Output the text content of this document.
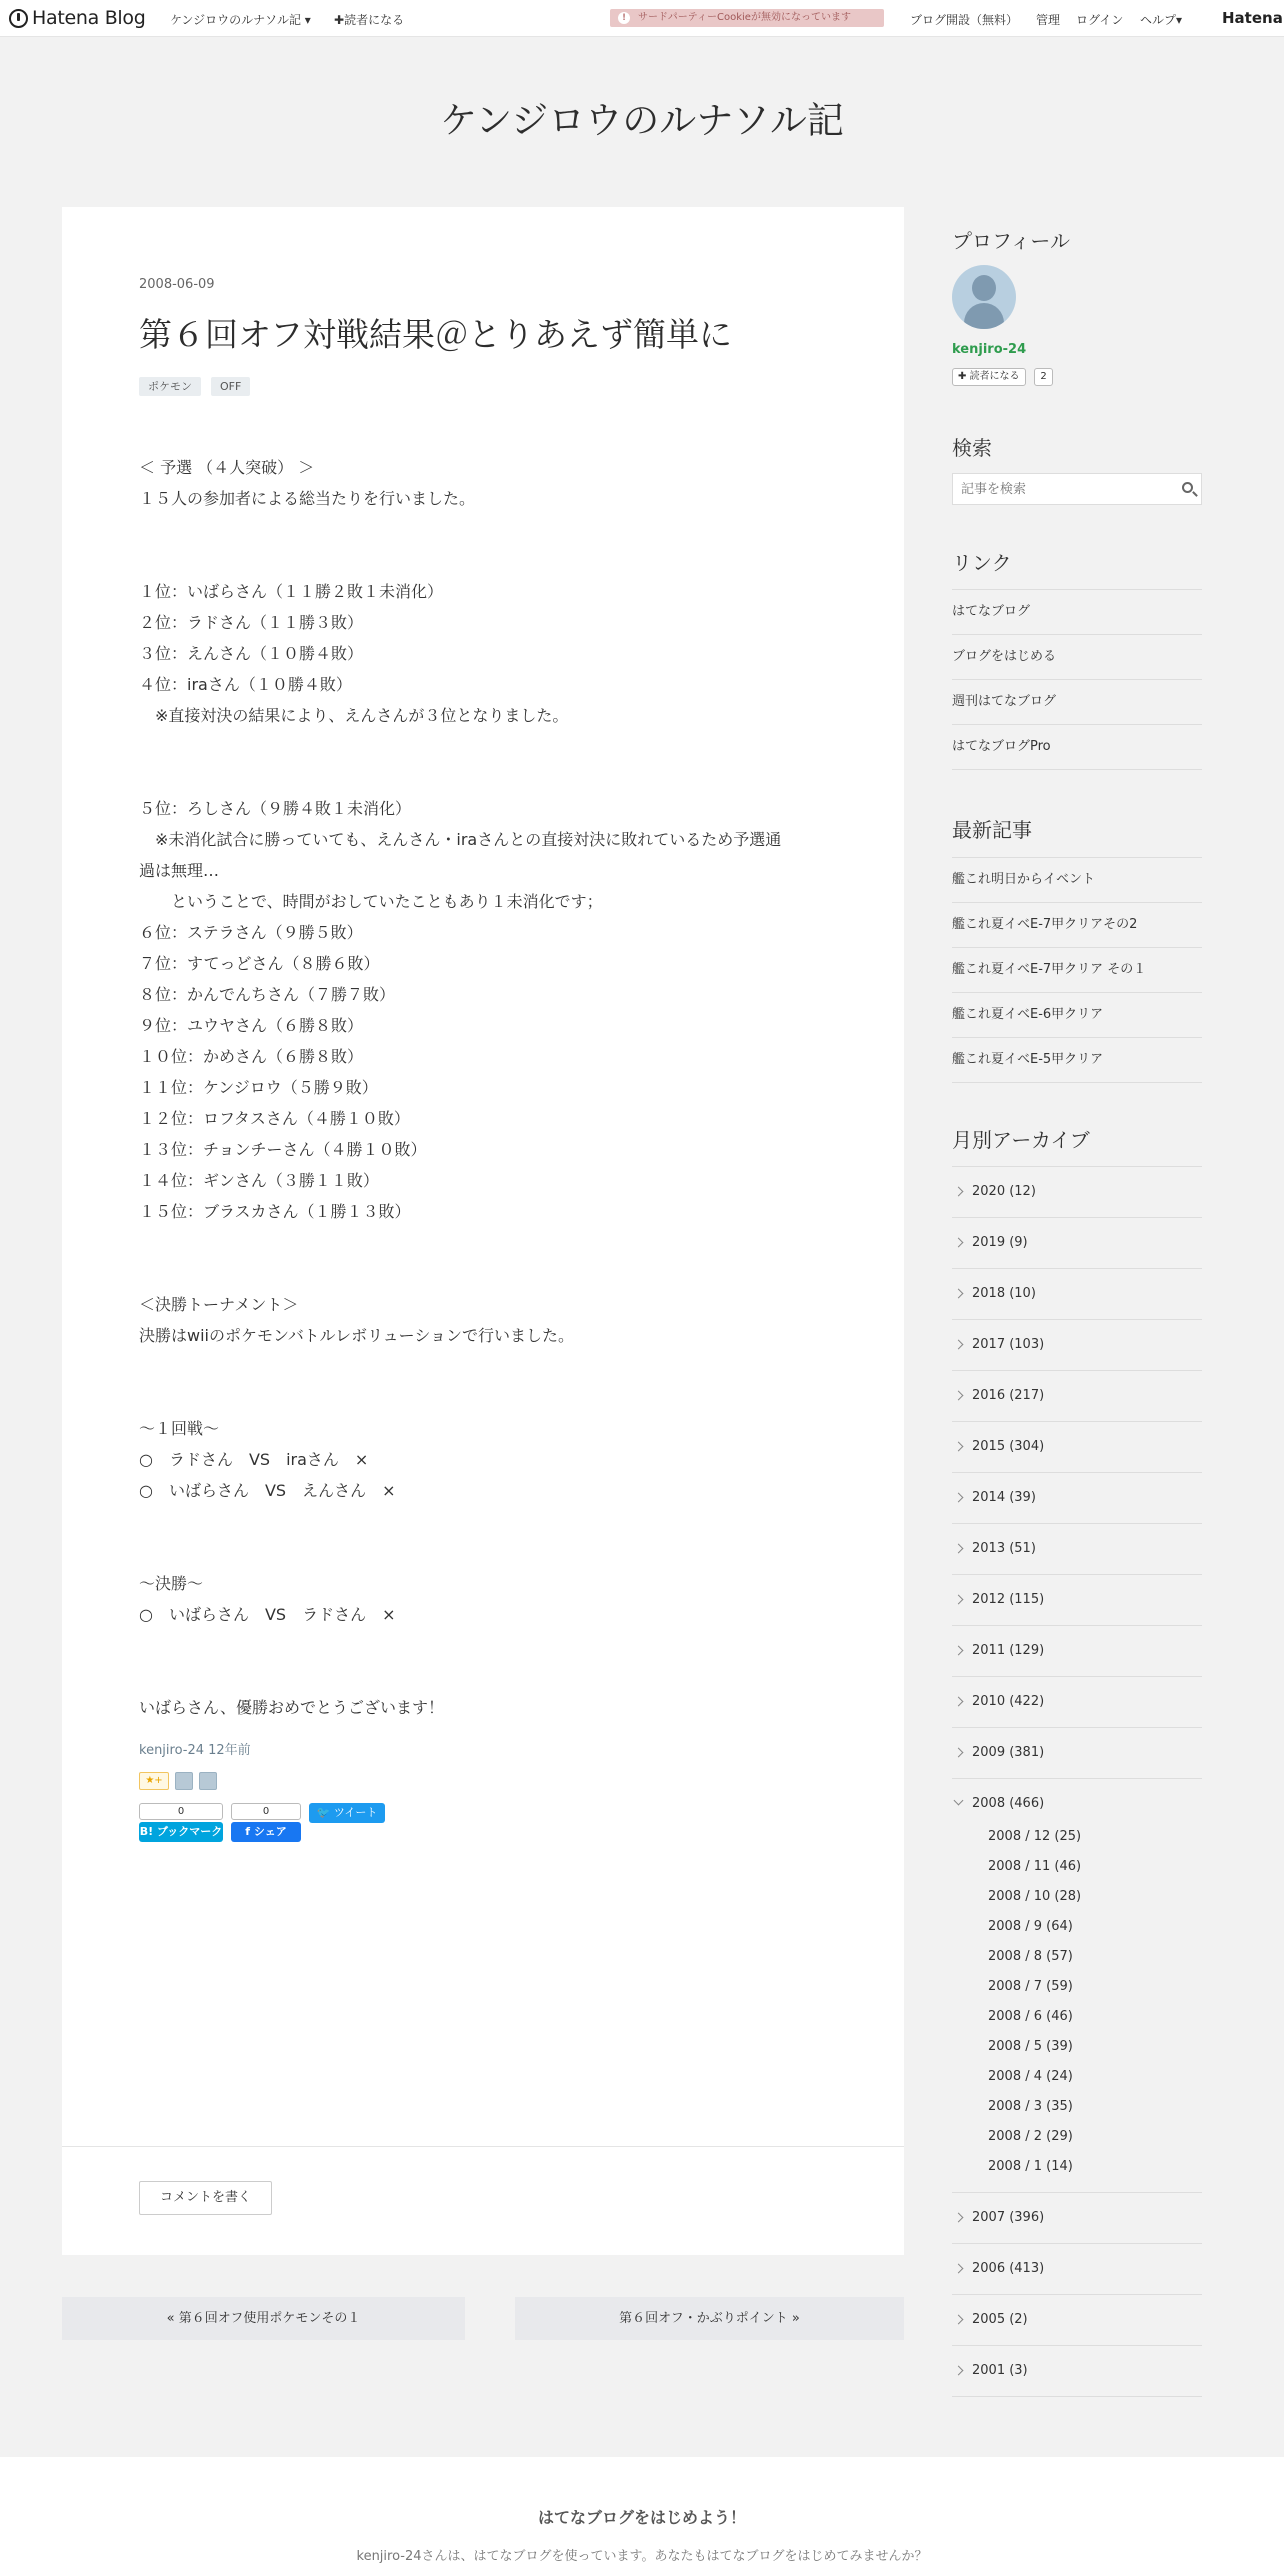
Hatena Blog ケンジロウのルナソル記 ▾ ✚読者になる	!	サードパーティーCookieが無効になっています	ブログ開設（無料） 管理 ログイン ヘルプ▾	Hatena
ケンジロウのルナソル記
2008-06-09
第６回オフ対戦結果＠とりあえず簡単に
ポケモン	OFF
＜ 予選 （４人突破） ＞
１５人の参加者による総当たりを行いました。
１位：いばらさん（１１勝２敗１未消化）
２位：ラドさん（１１勝３敗）
３位：えんさん（１０勝４敗）
４位：iraさん（１０勝４敗）
　※直接対決の結果により、えんさんが３位となりました。
５位：ろしさん（９勝４敗１未消化）
　※未消化試合に勝っていても、えんさん・iraさんとの直接対決に敗れているため予選通
過は無理…
　　ということで、時間がおしていたこともあり１未消化です；
６位：ステラさん（９勝５敗）
７位：すてっどさん（８勝６敗）
８位：かんでんちさん（７勝７敗）
９位：ユウヤさん（６勝８敗）
１０位：かめさん（６勝８敗）
１１位：ケンジロウ（５勝９敗）
１２位：ロフタスさん（４勝１０敗）
１３位：チョンチーさん（４勝１０敗）
１４位：ギンさん（３勝１１敗）
１５位：ブラスカさん（１勝１３敗）
＜決勝トーナメント＞
決勝はwiiのポケモンバトルレボリューションで行いました。
〜１回戦〜
○　ラドさん　VS　iraさん　×
○　いばらさん　VS　えんさん　×
〜決勝〜
○　いばらさん　VS　ラドさん　×
いばらさん、優勝おめでとうございます！
kenjiro-24 12年前
★+
0
B! ブックマーク
0
f シェア
🐦 ツイート
コメントを書く
« 第６回オフ使用ポケモンその１	第６回オフ・かぶりポイント »
プロフィール
kenjiro-24
✚ 読者になる	2
検索
記事を検索
リンク
はてなブログ
ブログをはじめる
週刊はてなブログ
はてなブログPro
最新記事
艦これ明日からイベント
艦これ夏イベE-7甲クリアその2
艦これ夏イベE-7甲クリア その１
艦これ夏イベE-6甲クリア
艦これ夏イベE-5甲クリア
月別アーカイブ
2020 (12)
2019 (9)
2018 (10)
2017 (103)
2016 (217)
2015 (304)
2014 (39)
2013 (51)
2012 (115)
2011 (129)
2010 (422)
2009 (381)
2008 (466)
2008 / 12 (25)
2008 / 11 (46)
2008 / 10 (28)
2008 / 9 (64)
2008 / 8 (57)
2008 / 7 (59)
2008 / 6 (46)
2008 / 5 (39)
2008 / 4 (24)
2008 / 3 (35)
2008 / 2 (29)
2008 / 1 (14)
2007 (396)
2006 (413)
2005 (2)
2001 (3)
はてなブログをはじめよう！
kenjiro-24さんは、はてなブログを使っています。あなたもはてなブログをはじめてみませんか？
